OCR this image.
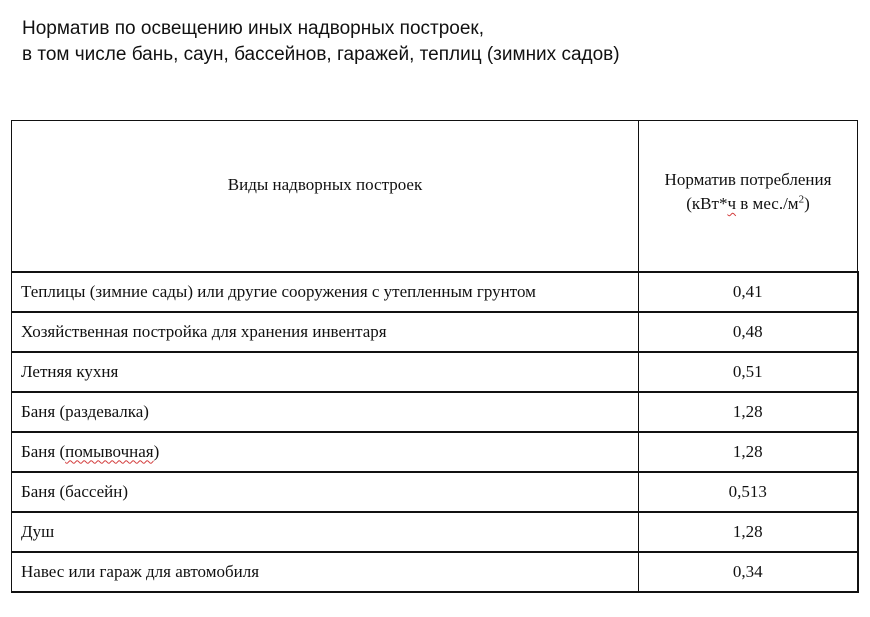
Норматив по освещению иных надворных построек,
в том числе бань, саун, бассейнов, гаражей, теплиц (зимних садов)
Виды надворных построек	Норматив потребления
(кВт*ч в $мес./м^2$)

Теплицы (зимние сады) или другие сооружения с утепленным грунтом	0,41
Хозяйственная постройка для хранения инвентаря	0,48
Летняя кухня	0,51
Баня (раздевалка)	1,28
Баня (помывочная)	1,28
Баня (бассейн)	0,513
Душ	1,28
Навес или гараж для автомобиля	0,34
